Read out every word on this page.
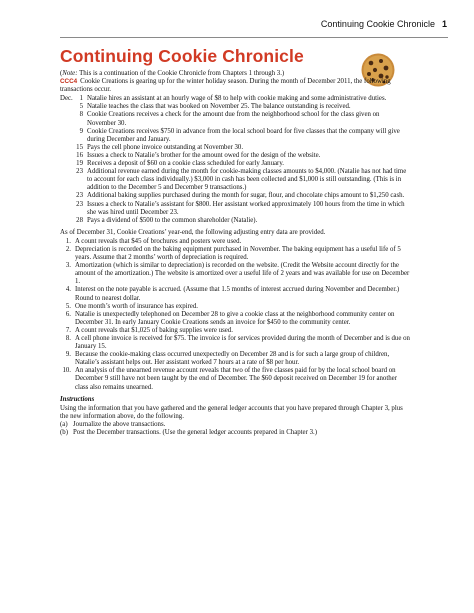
Continuing Cookie Chronicle 1
Continuing Cookie Chronicle

(Note: This is a continuation of the Cookie Chronicle from Chapters 1 through 3.)

CCC4 Cookie Creations is gearing up for the winter holiday season. During the month of December 2011, the following transactions occur.

Dec. 1 Natalie hires an assistant at an hourly wage of $8 to help with cookie making and some administrative duties.
5 Natalie teaches the class that was booked on November 25. The balance outstanding is received.
8 Cookie Creations receives a check for the amount due from the neighborhood school for the class given on November 30.
9 Cookie Creations receives $750 in advance from the local school board for five classes that the company will give during December and January.
15 Pays the cell phone invoice outstanding at November 30.
16 Issues a check to Natalie’s brother for the amount owed for the design of the website.
19 Receives a deposit of $60 on a cookie class scheduled for early January.
23 Additional revenue earned during the month for cookie-making classes amounts to $4,000. (Natalie has not had time to account for each class individually.) $3,000 in cash has been collected and $1,000 is still outstanding. (This is in addition to the December 5 and December 9 transactions.)
23 Additional baking supplies purchased during the month for sugar, flour, and chocolate chips amount to $1,250 cash.
23 Issues a check to Natalie’s assistant for $800. Her assistant worked approximately 100 hours from the time in which she was hired until December 23.
28 Pays a dividend of $500 to the common shareholder (Natalie).

As of December 31, Cookie Creations’ year-end, the following adjusting entry data are provided.

1. A count reveals that $45 of brochures and posters were used.
2. Depreciation is recorded on the baking equipment purchased in November. The baking equipment has a useful life of 5 years. Assume that 2 months’ worth of depreciation is required.
3. Amortization (which is similar to depreciation) is recorded on the website. (Credit the Website account directly for the amount of the amortization.) The website is amortized over a useful life of 2 years and was available for use on December 1.
4. Interest on the note payable is accrued. (Assume that 1.5 months of interest accrued during November and December.) Round to nearest dollar.
5. One month’s worth of insurance has expired.
6. Natalie is unexpectedly telephoned on December 28 to give a cookie class at the neighborhood community center on December 31. In early January Cookie Creations sends an invoice for $450 to the community center.
7. A count reveals that $1,025 of baking supplies were used.
8. A cell phone invoice is received for $75. The invoice is for services provided during the month of December and is due on January 15.
9. Because the cookie-making class occurred unexpectedly on December 28 and is for such a large group of children, Natalie’s assistant helps out. Her assistant worked 7 hours at a rate of $8 per hour.
10. An analysis of the unearned revenue account reveals that two of the five classes paid for by the local school board on December 9 still have not been taught by the end of December. The $60 deposit received on December 19 for another class also remains unearned.

Instructions

Using the information that you have gathered and the general ledger accounts that you have prepared through Chapter 3, plus the new information above, do the following.

(a) Journalize the above transactions.
(b) Post the December transactions. (Use the general ledger accounts prepared in Chapter 3.)
